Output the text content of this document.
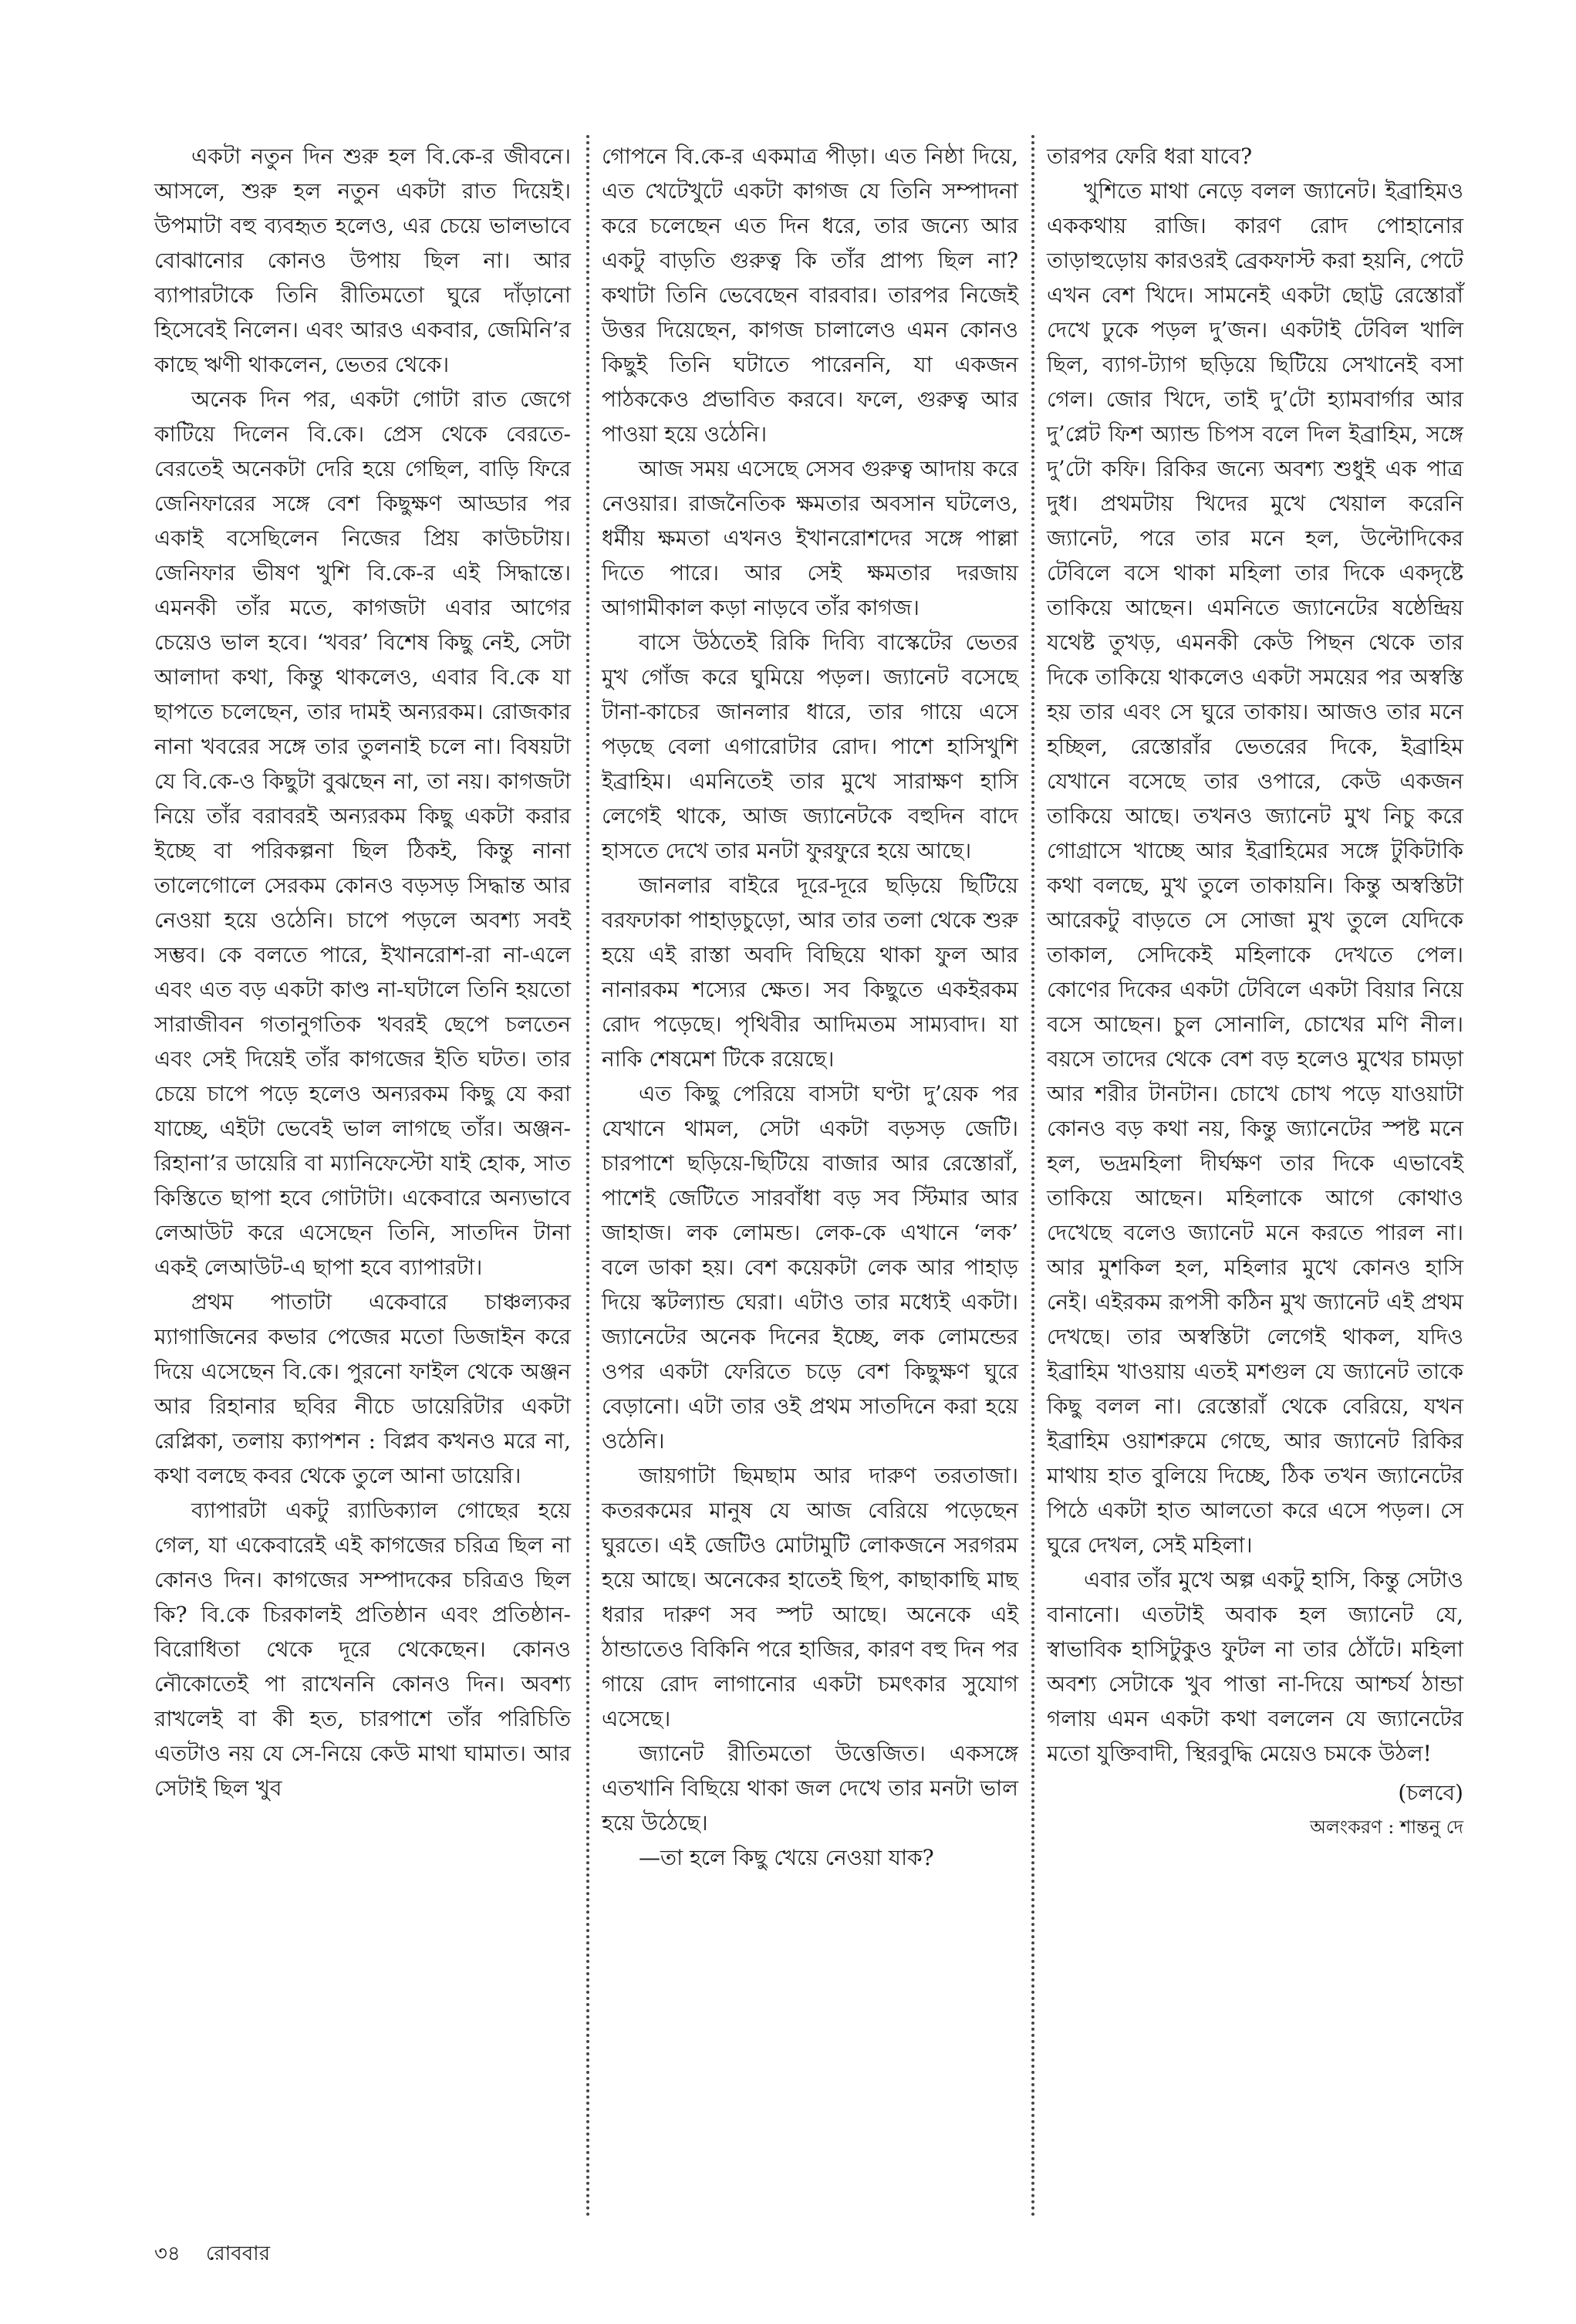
একটা নতুন দিন শুরু হল বি.কে-র জীবনে। আসলে, শুরু হল নতুন একটা রাত দিয়েই। উপমাটা বহু ব্যবহৃত হলেও, এর চেয়ে ভালভাবে বোঝানোর কোনও উপায় ছিল না। আর ব্যাপারটাকে তিনি রীতিমতো ঘুরে দাঁড়ানো হিসেবেই নিলেন। এবং আরও একবার, জেমিনি’র কাছে ঋণী থাকলেন, ভেতর থেকে।

অনেক দিন পর, একটা গোটা রাত জেগে কাটিয়ে দিলেন বি.কে। প্রেস থেকে বেরতে-বেরতেই অনেকটা দেরি হয়ে গেছিল, বাড়ি ফিরে জেনিফারের সঙ্গে বেশ কিছুক্ষণ আড্ডার পর একাই বসেছিলেন নিজের প্রিয় কাউচটায়। জেনিফার ভীষণ খুশি বি.কে-র এই সিদ্ধান্তে। এমনকী তাঁর মতে, কাগজটা এবার আগের চেয়েও ভাল হবে। ‘খবর’ বিশেষ কিছু নেই, সেটা আলাদা কথা, কিন্তু থাকলেও, এবার বি.কে যা ছাপতে চলেছেন, তার দামই অন্যরকম। রোজকার নানা খবরের সঙ্গে তার তুলনাই চলে না। বিষয়টা যে বি.কে-ও কিছুটা বুঝছেন না, তা নয়। কাগজটা নিয়ে তাঁর বরাবরই অন্যরকম কিছু একটা করার ইচ্ছে বা পরিকল্পনা ছিল ঠিকই, কিন্তু নানা তালেগোলে সেরকম কোনও বড়সড় সিদ্ধান্ত আর নেওয়া হয়ে ওঠেনি। চাপে পড়লে অবশ্য সবই সম্ভব। কে বলতে পারে, ইখানরোশ-রা না-এলে এবং এত বড় একটা কাণ্ড না-ঘটালে তিনি হয়তো সারাজীবন গতানুগতিক খবরই ছেপে চলতেন এবং সেই দিয়েই তাঁর কাগজের ইতি ঘটত। তার চেয়ে চাপে পড়ে হলেও অন্যরকম কিছু যে করা যাচ্ছে, এইটা ভেবেই ভাল লাগছে তাঁর। অঞ্জন-রিহানা’র ডায়েরি বা ম্যানিফেস্টো যাই হোক, সাত কিস্তিতে ছাপা হবে গোটাটা। একেবারে অন্যভাবে লেআউট করে এসেছেন তিনি, সাতদিন টানা একই লেআউট-এ ছাপা হবে ব্যাপারটা।

প্রথম পাতাটা একেবারে চাঞ্চল্যকর ম্যাগাজিনের কভার পেজের মতো ডিজাইন করে দিয়ে এসেছেন বি.কে। পুরনো ফাইল থেকে অঞ্জন আর রিহানার ছবির নীচে ডায়েরিটার একটা রেপ্লিকা, তলায় ক্যাপশন : বিপ্লব কখনও মরে না, কথা বলছে কবর থেকে তুলে আনা ডায়েরি।

ব্যাপারটা একটু র‍্যাডিক্যাল গোছের হয়ে গেল, যা একেবারেই এই কাগজের চরিত্র ছিল না কোনও দিন। কাগজের সম্পাদকের চরিত্রও ছিল কি? বি.কে চিরকালই প্রতিষ্ঠান এবং প্রতিষ্ঠান-বিরোধিতা থেকে দূরে থেকেছেন। কোনও নৌকোতেই পা রাখেননি কোনও দিন। অবশ্য রাখলেই বা কী হত, চারপাশে তাঁর পরিচিতি এতটাও নয় যে সে-নিয়ে কেউ মাথা ঘামাত। আর সেটাই ছিল খুব

গোপনে বি.কে-র একমাত্র পীড়া। এত নিষ্ঠা দিয়ে, এত খেটেখুটে একটা কাগজ যে তিনি সম্পাদনা করে চলেছেন এত দিন ধরে, তার জন্যে আর একটু বাড়তি গুরুত্ব কি তাঁর প্রাপ্য ছিল না? কথাটা তিনি ভেবেছেন বারবার। তারপর নিজেই উত্তর দিয়েছেন, কাগজ চালালেও এমন কোনও কিছুই তিনি ঘটাতে পারেননি, যা একজন পাঠককেও প্রভাবিত করবে। ফলে, গুরুত্ব আর পাওয়া হয়ে ওঠেনি।

আজ সময় এসেছে সেসব গুরুত্ব আদায় করে নেওয়ার। রাজনৈতিক ক্ষমতার অবসান ঘটলেও, ধর্মীয় ক্ষমতা এখনও ইখানরোশদের সঙ্গে পাল্লা দিতে পারে। আর সেই ক্ষমতার দরজায় আগামীকাল কড়া নাড়বে তাঁর কাগজ।

বাসে উঠতেই রিকি দিব্যি বাস্কেটের ভেতর মুখ গোঁজ করে ঘুমিয়ে পড়ল। জ্যানেট বসেছে টানা-কাচের জানলার ধারে, তার গায়ে এসে পড়ছে বেলা এগারোটার রোদ। পাশে হাসিখুশি ইব্রাহিম। এমনিতেই তার মুখে সারাক্ষণ হাসি লেগেই থাকে, আজ জ্যানেটকে বহুদিন বাদে হাসতে দেখে তার মনটা ফুরফুরে হয়ে আছে।

জানলার বাইরে দূরে-দূরে ছড়িয়ে ছিটিয়ে বরফঢাকা পাহাড়চুড়ো, আর তার তলা থেকে শুরু হয়ে এই রাস্তা অবদি বিছিয়ে থাকা ফুল আর নানারকম শস্যের ক্ষেত। সব কিছুতে একইরকম রোদ পড়েছে। পৃথিবীর আদিমতম সাম্যবাদ। যা নাকি শেষমেশ টিকে রয়েছে।

এত কিছু পেরিয়ে বাসটা ঘণ্টা দু’য়েক পর যেখানে থামল, সেটা একটা বড়সড় জেটি। চারপাশে ছড়িয়ে-ছিটিয়ে বাজার আর রেস্তোরাঁ, পাশেই জেটিতে সারবাঁধা বড় সব স্টিমার আর জাহাজ। লক লোমন্ড। লেক-কে এখানে ‘লক’ বলে ডাকা হয়। বেশ কয়েকটা লেক আর পাহাড় দিয়ে স্কটল্যান্ড ঘেরা। এটাও তার মধ্যেই একটা। জ্যানেটের অনেক দিনের ইচ্ছে, লক লোমন্ডের ওপর একটা ফেরিতে চড়ে বেশ কিছুক্ষণ ঘুরে বেড়ানো। এটা তার ওই প্রথম সাতদিনে করা হয়ে ওঠেনি।

জায়গাটা ছিমছাম আর দারুণ তরতাজা। কতরকমের মানুষ যে আজ বেরিয়ে পড়েছেন ঘুরতে। এই জেটিও মোটামুটি লোকজনে সরগরম হয়ে আছে। অনেকের হাতেই ছিপ, কাছাকাছি মাছ ধরার দারুণ সব স্পট আছে। অনেকে এই ঠান্ডাতেও বিকিনি পরে হাজির, কারণ বহু দিন পর গায়ে রোদ লাগানোর একটা চমৎকার সুযোগ এসেছে।

জ্যানেট রীতিমতো উত্তেজিত। একসঙ্গে এতখানি বিছিয়ে থাকা জল দেখে তার মনটা ভাল হয়ে উঠেছে।

—তা হলে কিছু খেয়ে নেওয়া যাক?

তারপর ফেরি ধরা যাবে?

খুশিতে মাথা নেড়ে বলল জ্যানেট। ইব্রাহিমও এককথায় রাজি। কারণ রোদ পোহানোর তাড়াহুড়োয় কারওরই ব্রেকফাস্ট করা হয়নি, পেটে এখন বেশ খিদে। সামনেই একটা ছোট্ট রেস্তোরাঁ দেখে ঢুকে পড়ল দু’জন। একটাই টেবিল খালি ছিল, ব্যাগ-ট্যাগ ছড়িয়ে ছিটিয়ে সেখানেই বসা গেল। জোর খিদে, তাই দু’টো হ্যামবার্গার আর দু’প্লেট ফিশ অ্যান্ড চিপস বলে দিল ইব্রাহিম, সঙ্গে দু’টো কফি। রিকির জন্যে অবশ্য শুধুই এক পাত্র দুধ। প্রথমটায় খিদের মুখে খেয়াল করেনি জ্যানেট, পরে তার মনে হল, উল্টোদিকের টেবিলে বসে থাকা মহিলা তার দিকে একদৃষ্টে তাকিয়ে আছেন। এমনিতে জ্যানেটের ষষ্ঠেন্দ্রিয় যথেষ্ট তুখড়, এমনকী কেউ পিছন থেকে তার দিকে তাকিয়ে থাকলেও একটা সময়ের পর অস্বস্তি হয় তার এবং সে ঘুরে তাকায়। আজও তার মনে হচ্ছিল, রেস্তোরাঁর ভেতরের দিকে, ইব্রাহিম যেখানে বসেছে তার ওপারে, কেউ একজন তাকিয়ে আছে। তখনও জ্যানেট মুখ নিচু করে গোগ্রাসে খাচ্ছে আর ইব্রাহিমের সঙ্গে টুকিটাকি কথা বলছে, মুখ তুলে তাকায়নি। কিন্তু অস্বস্তিটা আরেকটু বাড়তে সে সোজা মুখ তুলে যেদিকে তাকাল, সেদিকেই মহিলাকে দেখতে পেল। কোণের দিকের একটা টেবিলে একটা বিয়ার নিয়ে বসে আছেন। চুল সোনালি, চোখের মণি নীল। বয়সে তাদের থেকে বেশ বড় হলেও মুখের চামড়া আর শরীর টানটান। চোখে চোখ পড়ে যাওয়াটা কোনও বড় কথা নয়, কিন্তু জ্যানেটের স্পষ্ট মনে হল, ভদ্রমহিলা দীর্ঘক্ষণ তার দিকে এভাবেই তাকিয়ে আছেন। মহিলাকে আগে কোথাও দেখেছে বলেও জ্যানেট মনে করতে পারল না। আর মুশকিল হল, মহিলার মুখে কোনও হাসি নেই। এইরকম রূপসী কঠিন মুখ জ্যানেট এই প্রথম দেখছে। তার অস্বস্তিটা লেগেই থাকল, যদিও ইব্রাহিম খাওয়ায় এতই মশগুল যে জ্যানেট তাকে কিছু বলল না। রেস্তোরাঁ থেকে বেরিয়ে, যখন ইব্রাহিম ওয়াশরুমে গেছে, আর জ্যানেট রিকির মাথায় হাত বুলিয়ে দিচ্ছে, ঠিক তখন জ্যানেটের পিঠে একটা হাত আলতো করে এসে পড়ল। সে ঘুরে দেখল, সেই মহিলা।

এবার তাঁর মুখে অল্প একটু হাসি, কিন্তু সেটাও বানানো। এতটাই অবাক হল জ্যানেট যে, স্বাভাবিক হাসিটুকুও ফুটল না তার ঠোঁটে। মহিলা অবশ্য সেটাকে খুব পাত্তা না-দিয়ে আশ্চর্য ঠান্ডা গলায় এমন একটা কথা বললেন যে জ্যানেটের মতো যুক্তিবাদী, স্থিরবুদ্ধি মেয়েও চমকে উঠল!

(চলবে)
অলংকরণ : শান্তনু দে
৩৪ রোববার
